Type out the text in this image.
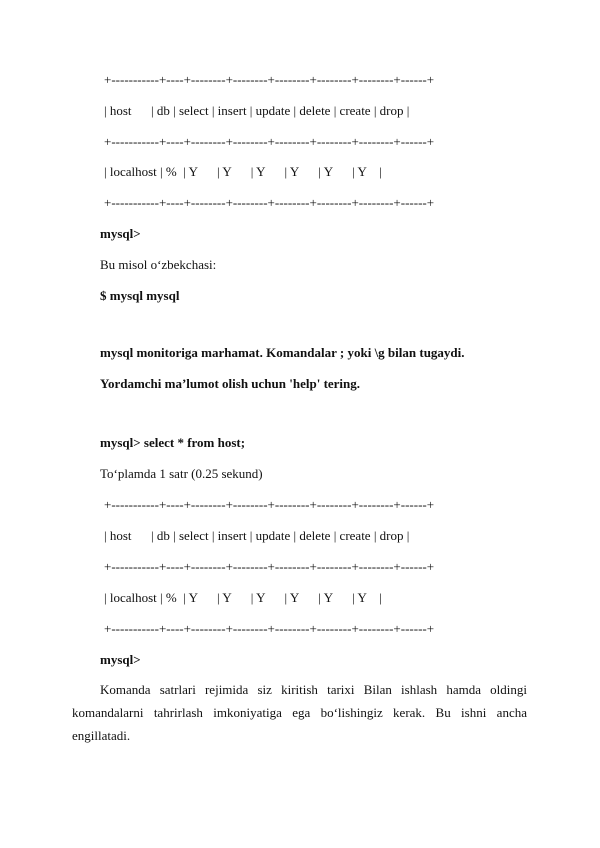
+-----------+----+--------+--------+--------+--------+--------+------+
| host      | db | select | insert | update | delete | create | drop |
+-----------+----+--------+--------+--------+--------+--------+------+
| localhost | %  | Y      | Y      | Y      | Y      | Y      | Y    |
+-----------+----+--------+--------+--------+--------+--------+------+
mysql>
Bu misol o‘zbekchasi:
$ mysql mysql
mysql monitoriga marhamat. Komandalar ; yoki \g bilan tugaydi.
Yordamchi ma’lumot olish uchun 'help' tering.
mysql> select * from host;
To‘plamda 1 satr (0.25 sekund)
+-----------+----+--------+--------+--------+--------+--------+------+
| host      | db | select | insert | update | delete | create | drop |
+-----------+----+--------+--------+--------+--------+--------+------+
| localhost | %  | Y      | Y      | Y      | Y      | Y      | Y    |
+-----------+----+--------+--------+--------+--------+--------+------+
mysql>

Komanda satrlari rejimida siz kiritish tarixi Bilan ishlash hamda oldingi komandalarni tahrirlash imkoniyatiga ega bo‘lishingiz kerak. Bu ishni ancha engillatadi.
